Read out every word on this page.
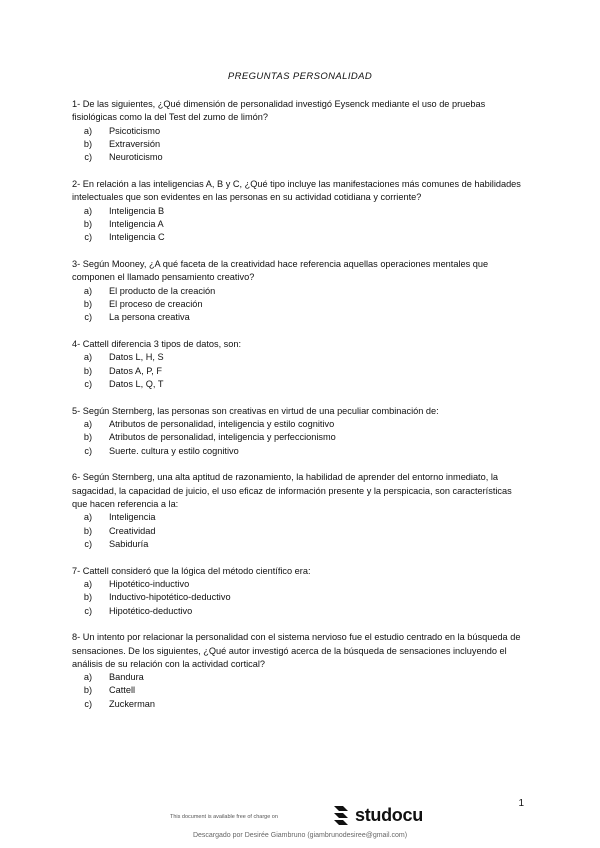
PREGUNTAS PERSONALIDAD
1- De las siguientes, ¿Qué dimensión de personalidad investigó Eysenck mediante el uso de pruebas fisiológicas como la del Test del zumo de limón?
a)	Psicoticismo
b)	Extraversión
c)	Neuroticismo
2- En relación a las inteligencias A, B y C, ¿Qué tipo incluye las manifestaciones más comunes de habilidades intelectuales que son evidentes en las personas en su actividad cotidiana y corriente?
a)	Inteligencia B
b)	Inteligencia A
c)	Inteligencia C
3- Según Mooney, ¿A qué faceta de la creatividad hace referencia aquellas operaciones mentales que componen el llamado pensamiento creativo?
a)	El producto de la creación
b)	El proceso de creación
c)	La persona creativa
4- Cattell diferencia 3 tipos de datos, son:
a)	Datos L, H, S
b)	Datos A, P, F
c)	Datos L, Q, T
5- Según Sternberg, las personas son creativas en virtud de una peculiar combinación de:
a)	Atributos de personalidad, inteligencia y estilo cognitivo
b)	Atributos de personalidad, inteligencia y perfeccionismo
c)	Suerte. cultura y estilo cognitivo
6- Según Sternberg, una alta aptitud de razonamiento, la habilidad de aprender del entorno inmediato, la sagacidad, la capacidad de juicio, el uso eficaz de información presente y la perspicacia, son características que hacen referencia a la:
a)	Inteligencia
b)	Creatividad
c)	Sabiduría
7- Cattell consideró que la lógica del método científico era:
a)	Hipotético-inductivo
b)	Inductivo-hipotético-deductivo
c)	Hipotético-deductivo
8- Un intento por relacionar la personalidad con el sistema nervioso fue el estudio centrado en la búsqueda de sensaciones. De los siguientes, ¿Qué autor investigó acerca de la búsqueda de sensaciones incluyendo el análisis de su relación con la actividad cortical?
a)	Bandura
b)	Cattell
c)	Zuckerman
1
This document is available free of charge on	studocu
Descargado por Desirée Giambruno (giambrunodesiree@gmail.com)
